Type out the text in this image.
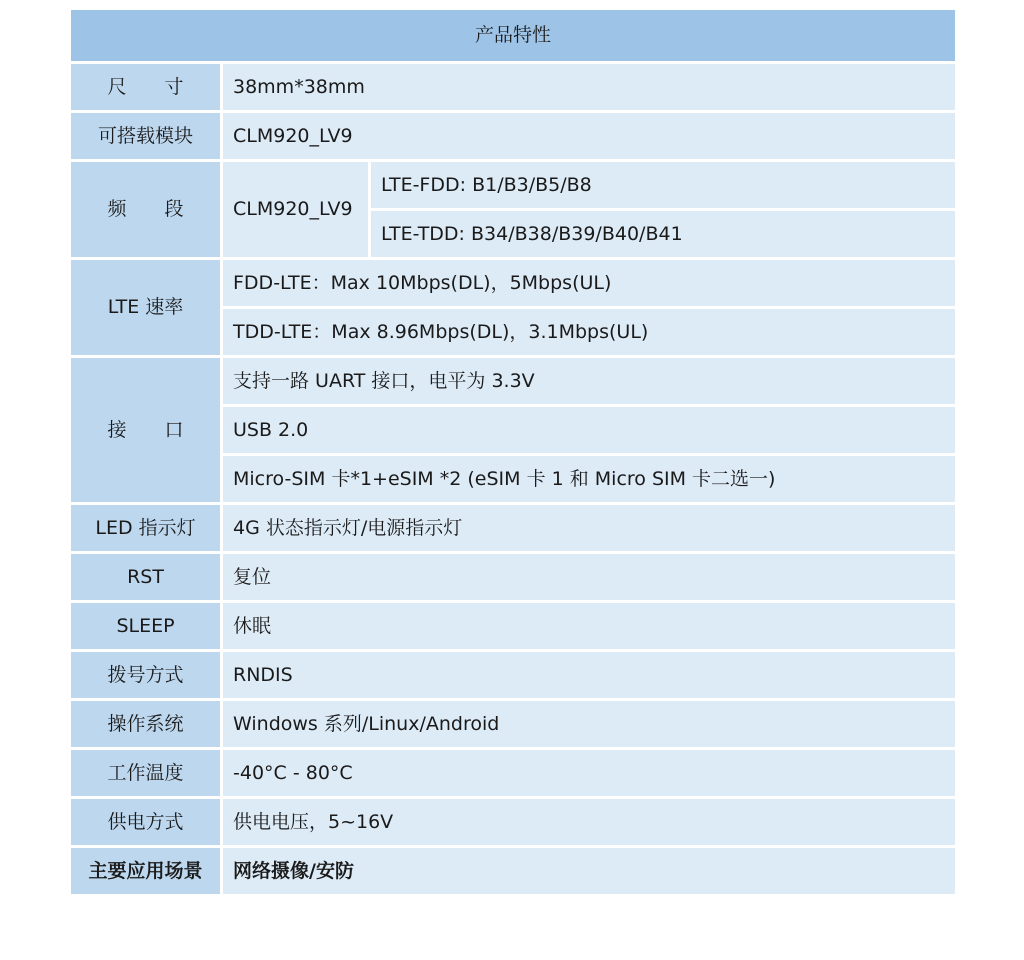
产品特性		
尺　　寸	38mm*38mm	
可搭载模块	CLM920_LV9	
频　　段	CLM920_LV9	LTE-FDD: B1/B3/B5/B8
		LTE-TDD: B34/B38/B39/B40/B41
LTE 速率	FDD-LTE：Max 10Mbps(DL)，5Mbps(UL)	
	TDD-LTE：Max 8.96Mbps(DL)，3.1Mbps(UL)	
接　　口	支持一路 UART 接口，电平为 3.3V	
	USB 2.0	
	Micro-SIM 卡*1+eSIM *2 (eSIM 卡 1 和 Micro SIM 卡二选一)	
LED 指示灯	4G 状态指示灯/电源指示灯	
RST	复位	
SLEEP	休眠	
拨号方式	RNDIS	
操作系统	Windows 系列/Linux/Android	
工作温度	-40°C - 80°C	
供电方式	供电电压，5~16V	
主要应用场景	网络摄像/安防	
